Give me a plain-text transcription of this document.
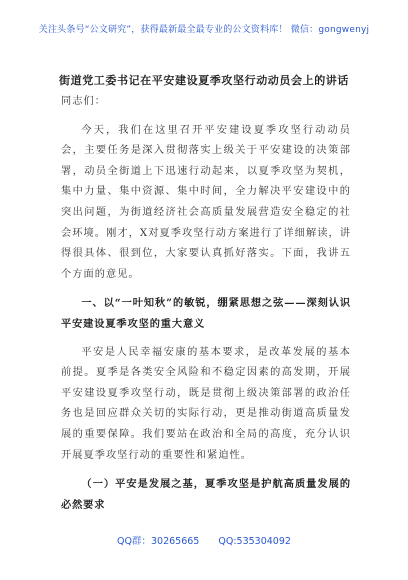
关注头条号“公文研究”，获得最新最全最专业的公文资料库！ 微信：gongwenyj
街道党工委书记在平安建设夏季攻坚行动动员会上的讲话

同志们：

今天，我们在这里召开平安建设夏季攻坚行动动员会，主要任务是深入贯彻落实上级关于平安建设的决策部署，动员全街道上下迅速行动起来，以夏季攻坚为契机，集中力量、集中资源、集中时间，全力解决平安建设中的突出问题，为街道经济社会高质量发展营造安全稳定的社会环境。刚才，X对夏季攻坚行动方案进行了详细解读，讲得很具体、很到位，大家要认真抓好落实。下面，我讲五个方面的意见。

一、以“一叶知秋”的敏锐，绷紧思想之弦——深刻认识平安建设夏季攻坚的重大意义

平安是人民幸福安康的基本要求，是改革发展的基本前提。夏季是各类安全风险和不稳定因素的高发期，开展平安建设夏季攻坚行动，既是贯彻上级决策部署的政治任务也是回应群众关切的实际行动，更是推动街道高质量发展的重要保障。我们要站在政治和全局的高度，充分认识开展夏季攻坚行动的重要性和紧迫性。

（一）平安是发展之基，夏季攻坚是护航高质量发展的必然要求

QQ群：30265665 QQ:535304092
